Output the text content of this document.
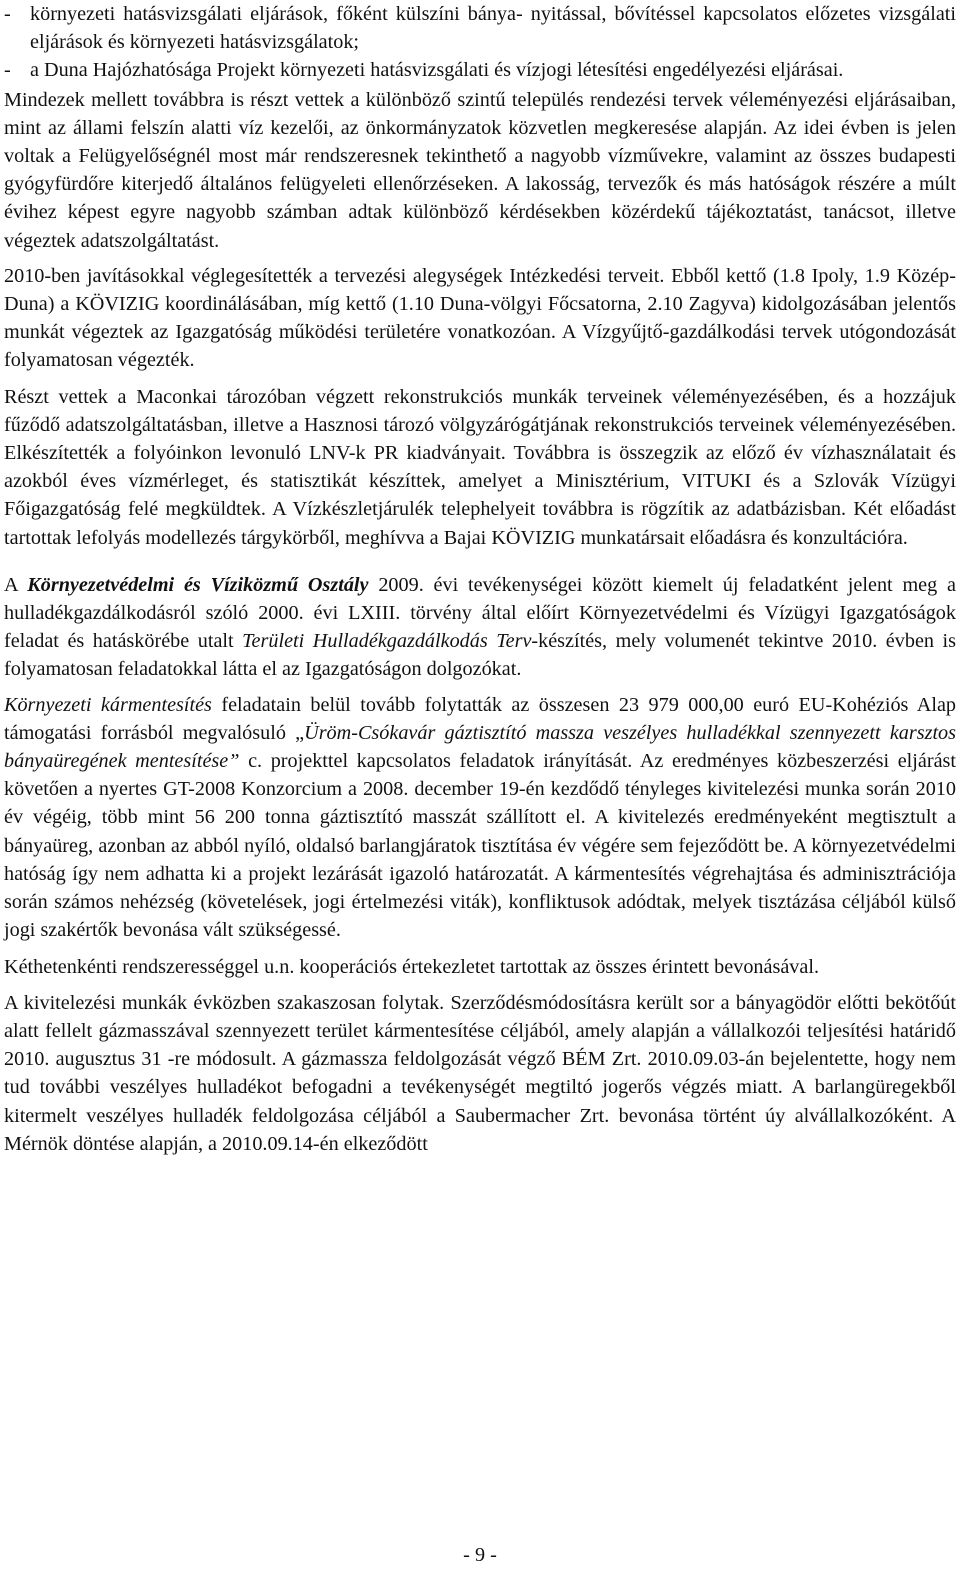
- környezeti hatásvizsgálati eljárások, főként külszíni bánya- nyitással, bővítéssel kapcsolatos előzetes vizsgálati eljárások és környezeti hatásvizsgálatok;
- a Duna Hajózhatósága Projekt környezeti hatásvizsgálati és vízjogi létesítési engedélyezési eljárásai.

Mindezek mellett továbbra is részt vettek a különböző szintű település rendezési tervek véleményezési eljárásaiban, mint az állami felszín alatti víz kezelői, az önkormányzatok közvetlen megkeresése alapján. Az idei évben is jelen voltak a Felügyelőségnél most már rendszeresnek tekinthető a nagyobb vízművekre, valamint az összes budapesti gyógyfürdőre kiterjedő általános felügyeleti ellenőrzéseken. A lakosság, tervezők és más hatóságok részére a múlt évihez képest egyre nagyobb számban adtak különböző kérdésekben közérdekű tájékoztatást, tanácsot, illetve végeztek adatszolgáltatást.

2010-ben javításokkal véglegesítették a tervezési alegységek Intézkedési terveit. Ebből kettő (1.8 Ipoly, 1.9 Közép-Duna) a KÖVIZIG koordinálásában, míg kettő (1.10 Duna-völgyi Főcsatorna, 2.10 Zagyva) kidolgozásában jelentős munkát végeztek az Igazgatóság működési területére vonatkozóan. A Vízgyűjtő-gazdálkodási tervek utógondozását folyamatosan végezték.

Részt vettek a Maconkai tározóban végzett rekonstrukciós munkák terveinek véleményezésében, és a hozzájuk fűződő adatszolgáltatásban, illetve a Hasznosi tározó völgyzárógátjának rekonstrukciós terveinek véleményezésében. Elkészítették a folyóinkon levonuló LNV-k PR kiadványait. Továbbra is összegzik az előző év vízhasználatait és azokból éves vízmérleget, és statisztikát készíttek, amelyet a Minisztérium, VITUKI és a Szlovák Vízügyi Főigazgatóság felé megküldtek. A Vízkészletjárulék telephelyeit továbbra is rögzítik az adatbázisban. Két előadást tartottak lefolyás modellezés tárgykörből, meghívva a Bajai KÖVIZIG munkatársait előadásra és konzultációra.

A Környezetvédelmi és Víziközmű Osztály 2009. évi tevékenységei között kiemelt új feladatként jelent meg a hulladékgazdálkodásról szóló 2000. évi LXIII. törvény által előírt Környezetvédelmi és Vízügyi Igazgatóságok feladat és hatáskörébe utalt Területi Hulladékgazdálkodás Terv-készítés, mely volumenét tekintve 2010. évben is folyamatosan feladatokkal látta el az Igazgatóságon dolgozókat.

Környezeti kármentesítés feladatain belül tovább folytatták az összesen 23 979 000,00 euró EU-Kohéziós Alap támogatási forrásból megvalósuló „Üröm-Csókavár gáztisztító massza veszélyes hulladékkal szennyezett karsztos bányaüregének mentesítése” c. projekttel kapcsolatos feladatok irányítását. Az eredményes közbeszerzési eljárást követően a nyertes GT-2008 Konzorcium a 2008. december 19-én kezdődő tényleges kivitelezési munka során 2010 év végéig, több mint 56 200 tonna gáztisztító masszát szállított el. A kivitelezés eredményeként megtisztult a bányaüreg, azonban az abból nyíló, oldalsó barlangjáratok tisztítása év végére sem fejeződött be. A környezetvédelmi hatóság így nem adhatta ki a projekt lezárását igazoló határozatát. A kármentesítés végrehajtása és adminisztrációja során számos nehézség (követelések, jogi értelmezési viták), konfliktusok adódtak, melyek tisztázása céljából külső jogi szakértők bevonása vált szükségessé.

Kéthetenkénti rendszerességgel u.n. kooperációs értekezletet tartottak az összes érintett bevonásával.

A kivitelezési munkák évközben szakaszosan folytak. Szerződésmódosításra került sor a bányagödör előtti bekötőút alatt fellelt gázmasszával szennyezett terület kármentesítése céljából, amely alapján a vállalkozói teljesítési határidő 2010. augusztus 31 -re módosult. A gázmassza feldolgozását végző BÉM Zrt. 2010.09.03-án bejelentette, hogy nem tud további veszélyes hulladékot befogadni a tevékenységét megtiltó jogerős végzés miatt. A barlangüregekből kitermelt veszélyes hulladék feldolgozása céljából a Saubermacher Zrt. bevonása történt úy alvállalkozóként. A Mérnök döntése alapján, a 2010.09.14-én elkeződött

- 9 -
